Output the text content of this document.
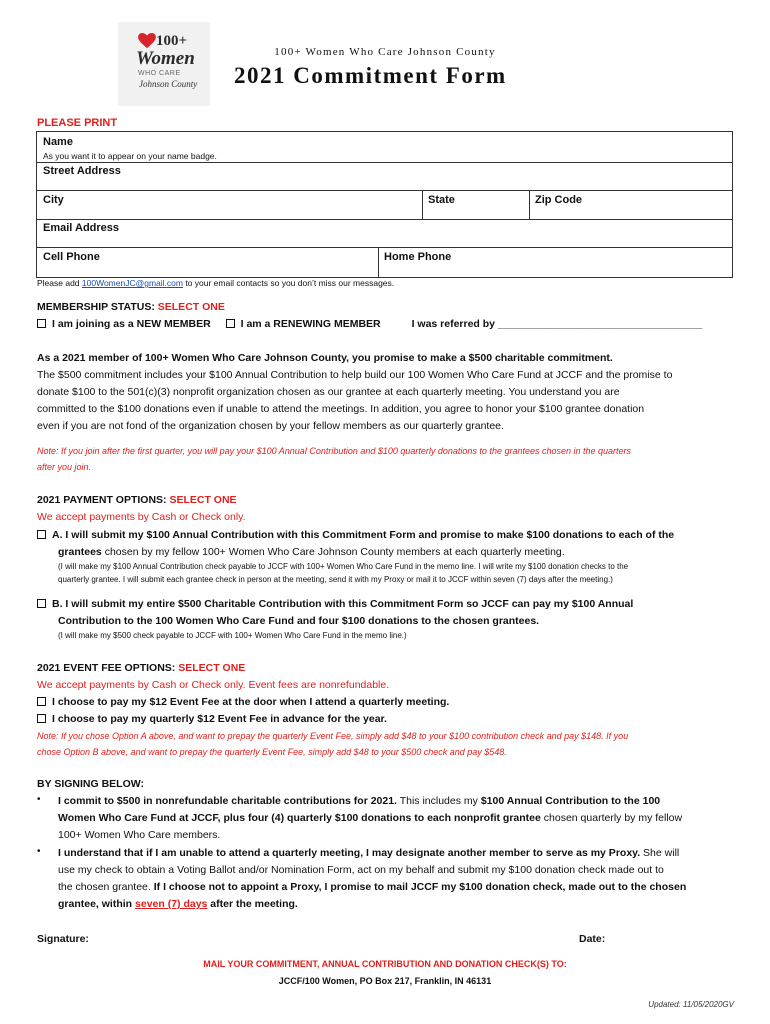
100+
Women
WHO CARE
Johnson County
100+ Women Who Care Johnson County
2021 Commitment Form
PLEASE PRINT
Name
As you want it to appear on your name badge.
Street Address
City	State	Zip Code
Email Address
Cell Phone	Home Phone
Please add 100WomenJC@gmail.com to your email contacts so you don’t miss our messages.
MEMBERSHIP STATUS: SELECT ONE
I am joining as a NEW MEMBER	I am a RENEWING MEMBER	I was referred by ___________________________________
As a 2021 member of 100+ Women Who Care Johnson County, you promise to make a $500 charitable commitment.
The $500 commitment includes your $100 Annual Contribution to help build our 100 Women Who Care Fund at JCCF and the promise to
donate $100 to the 501(c)(3) nonprofit organization chosen as our grantee at each quarterly meeting. You understand you are
committed to the $100 donations even if unable to attend the meetings. In addition, you agree to honor your $100 grantee donation
even if you are not fond of the organization chosen by your fellow members as our quarterly grantee.
Note: If you join after the first quarter, you will pay your $100 Annual Contribution and $100 quarterly donations to the grantees chosen in the quarters
after you join.
2021 PAYMENT OPTIONS: SELECT ONE
We accept payments by Cash or Check only.
A. I will submit my $100 Annual Contribution with this Commitment Form and promise to make $100 donations to each of the
grantees chosen by my fellow 100+ Women Who Care Johnson County members at each quarterly meeting.
(I will make my $100 Annual Contribution check payable to JCCF with 100+ Women Who Care Fund in the memo line. I will write my $100 donation checks to the
quarterly grantee. I will submit each grantee check in person at the meeting, send it with my Proxy or mail it to JCCF within seven (7) days after the meeting.)
B. I will submit my entire $500 Charitable Contribution with this Commitment Form so JCCF can pay my $100 Annual
Contribution to the 100 Women Who Care Fund and four $100 donations to the chosen grantees.
(I will make my $500 check payable to JCCF with 100+ Women Who Care Fund in the memo line.)
2021 EVENT FEE OPTIONS: SELECT ONE
We accept payments by Cash or Check only. Event fees are nonrefundable.
I choose to pay my $12 Event Fee at the door when I attend a quarterly meeting.
I choose to pay my quarterly $12 Event Fee in advance for the year.
Note: If you chose Option A above, and want to prepay the quarterly Event Fee, simply add $48 to your $100 contribution check and pay $148. If you
chose Option B above, and want to prepay the quarterly Event Fee, simply add $48 to your $500 check and pay $548.
BY SIGNING BELOW:
• I commit to $500 in nonrefundable charitable contributions for 2021. This includes my $100 Annual Contribution to the 100
Women Who Care Fund at JCCF, plus four (4) quarterly $100 donations to each nonprofit grantee chosen quarterly by my fellow
100+ Women Who Care members.
• I understand that if I am unable to attend a quarterly meeting, I may designate another member to serve as my Proxy. She will
use my check to obtain a Voting Ballot and/or Nomination Form, act on my behalf and submit my $100 donation check made out to
the chosen grantee. If I choose not to appoint a Proxy, I promise to mail JCCF my $100 donation check, made out to the chosen
grantee, within seven (7) days after the meeting.
Signature:	Date:
MAIL YOUR COMMITMENT, ANNUAL CONTRIBUTION AND DONATION CHECK(S) TO:
JCCF/100 Women, PO Box 217, Franklin, IN 46131
Updated: 11/05/2020GV
